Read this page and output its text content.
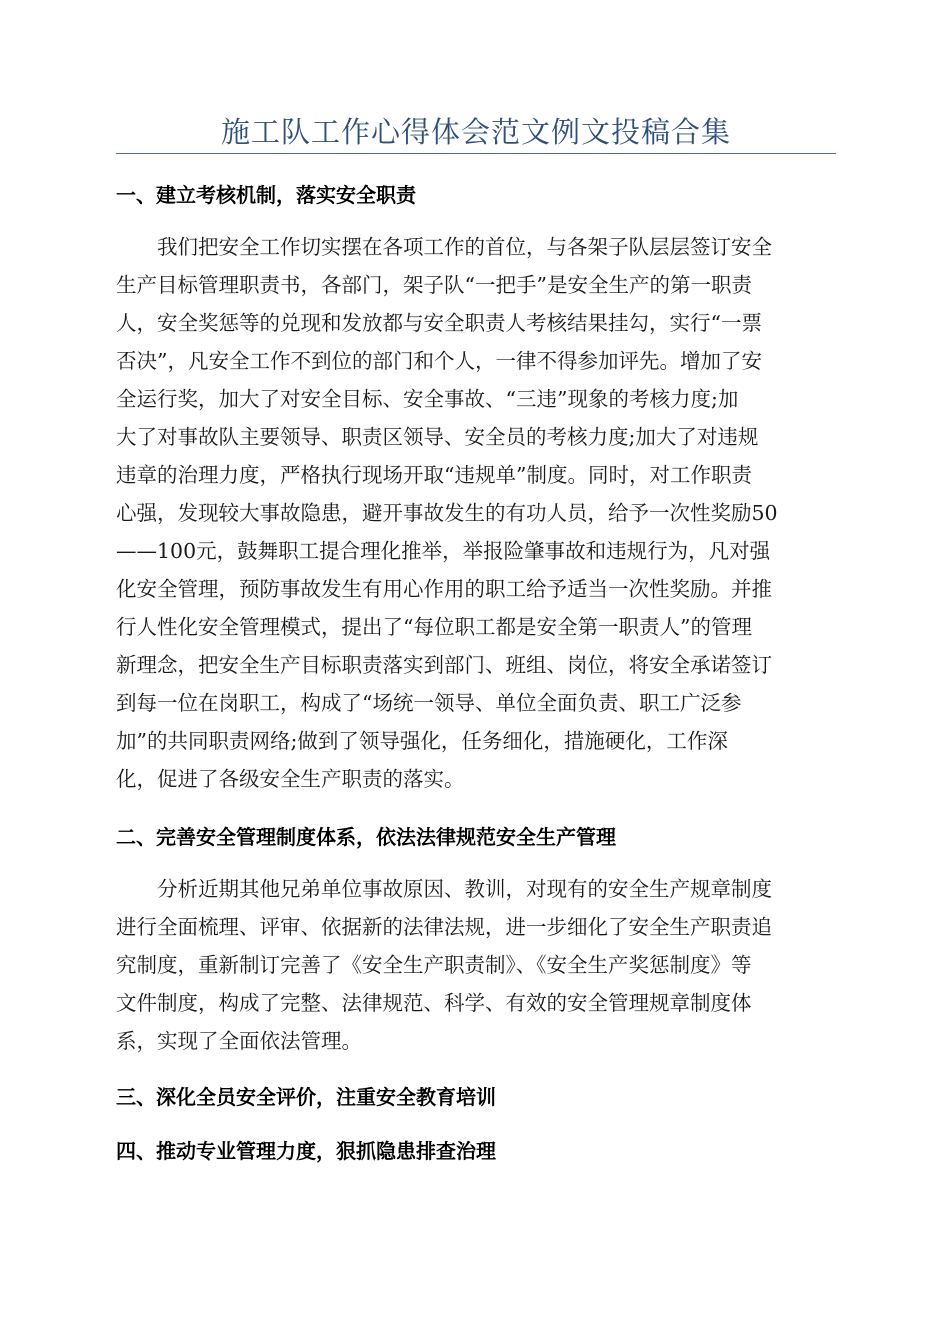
施工队工作心得体会范文例文投稿合集
一、建立考核机制，落实安全职责
　　我们把安全工作切实摆在各项工作的首位，与各架子队层层签订安全
生产目标管理职责书，各部门，架子队“一把手”是安全生产的第一职责
人，安全奖惩等的兑现和发放都与安全职责人考核结果挂勾，实行“一票
否决”，凡安全工作不到位的部门和个人，一律不得参加评先。增加了安
全运行奖，加大了对安全目标、安全事故、“三违”现象的考核力度;加
大了对事故队主要领导、职责区领导、安全员的考核力度;加大了对违规
违章的治理力度，严格执行现场开取“违规单”制度。同时，对工作职责
心强，发现较大事故隐患，避开事故发生的有功人员，给予一次性奖励50
——100元，鼓舞职工提合理化推举，举报险肇事故和违规行为，凡对强
化安全管理，预防事故发生有用心作用的职工给予适当一次性奖励。并推
行人性化安全管理模式，提出了“每位职工都是安全第一职责人”的管理
新理念，把安全生产目标职责落实到部门、班组、岗位，将安全承诺签订
到每一位在岗职工，构成了“场统一领导、单位全面负责、职工广泛参
加”的共同职责网络;做到了领导强化，任务细化，措施硬化，工作深
化，促进了各级安全生产职责的落实。
二、完善安全管理制度体系，依法法律规范安全生产管理
　　分析近期其他兄弟单位事故原因、教训，对现有的安全生产规章制度
进行全面梳理、评审、依据新的法律法规，进一步细化了安全生产职责追
究制度，重新制订完善了《安全生产职责制》、《安全生产奖惩制度》等
文件制度，构成了完整、法律规范、科学、有效的安全管理规章制度体
系，实现了全面依法管理。
三、深化全员安全评价，注重安全教育培训
四、推动专业管理力度，狠抓隐患排查治理
